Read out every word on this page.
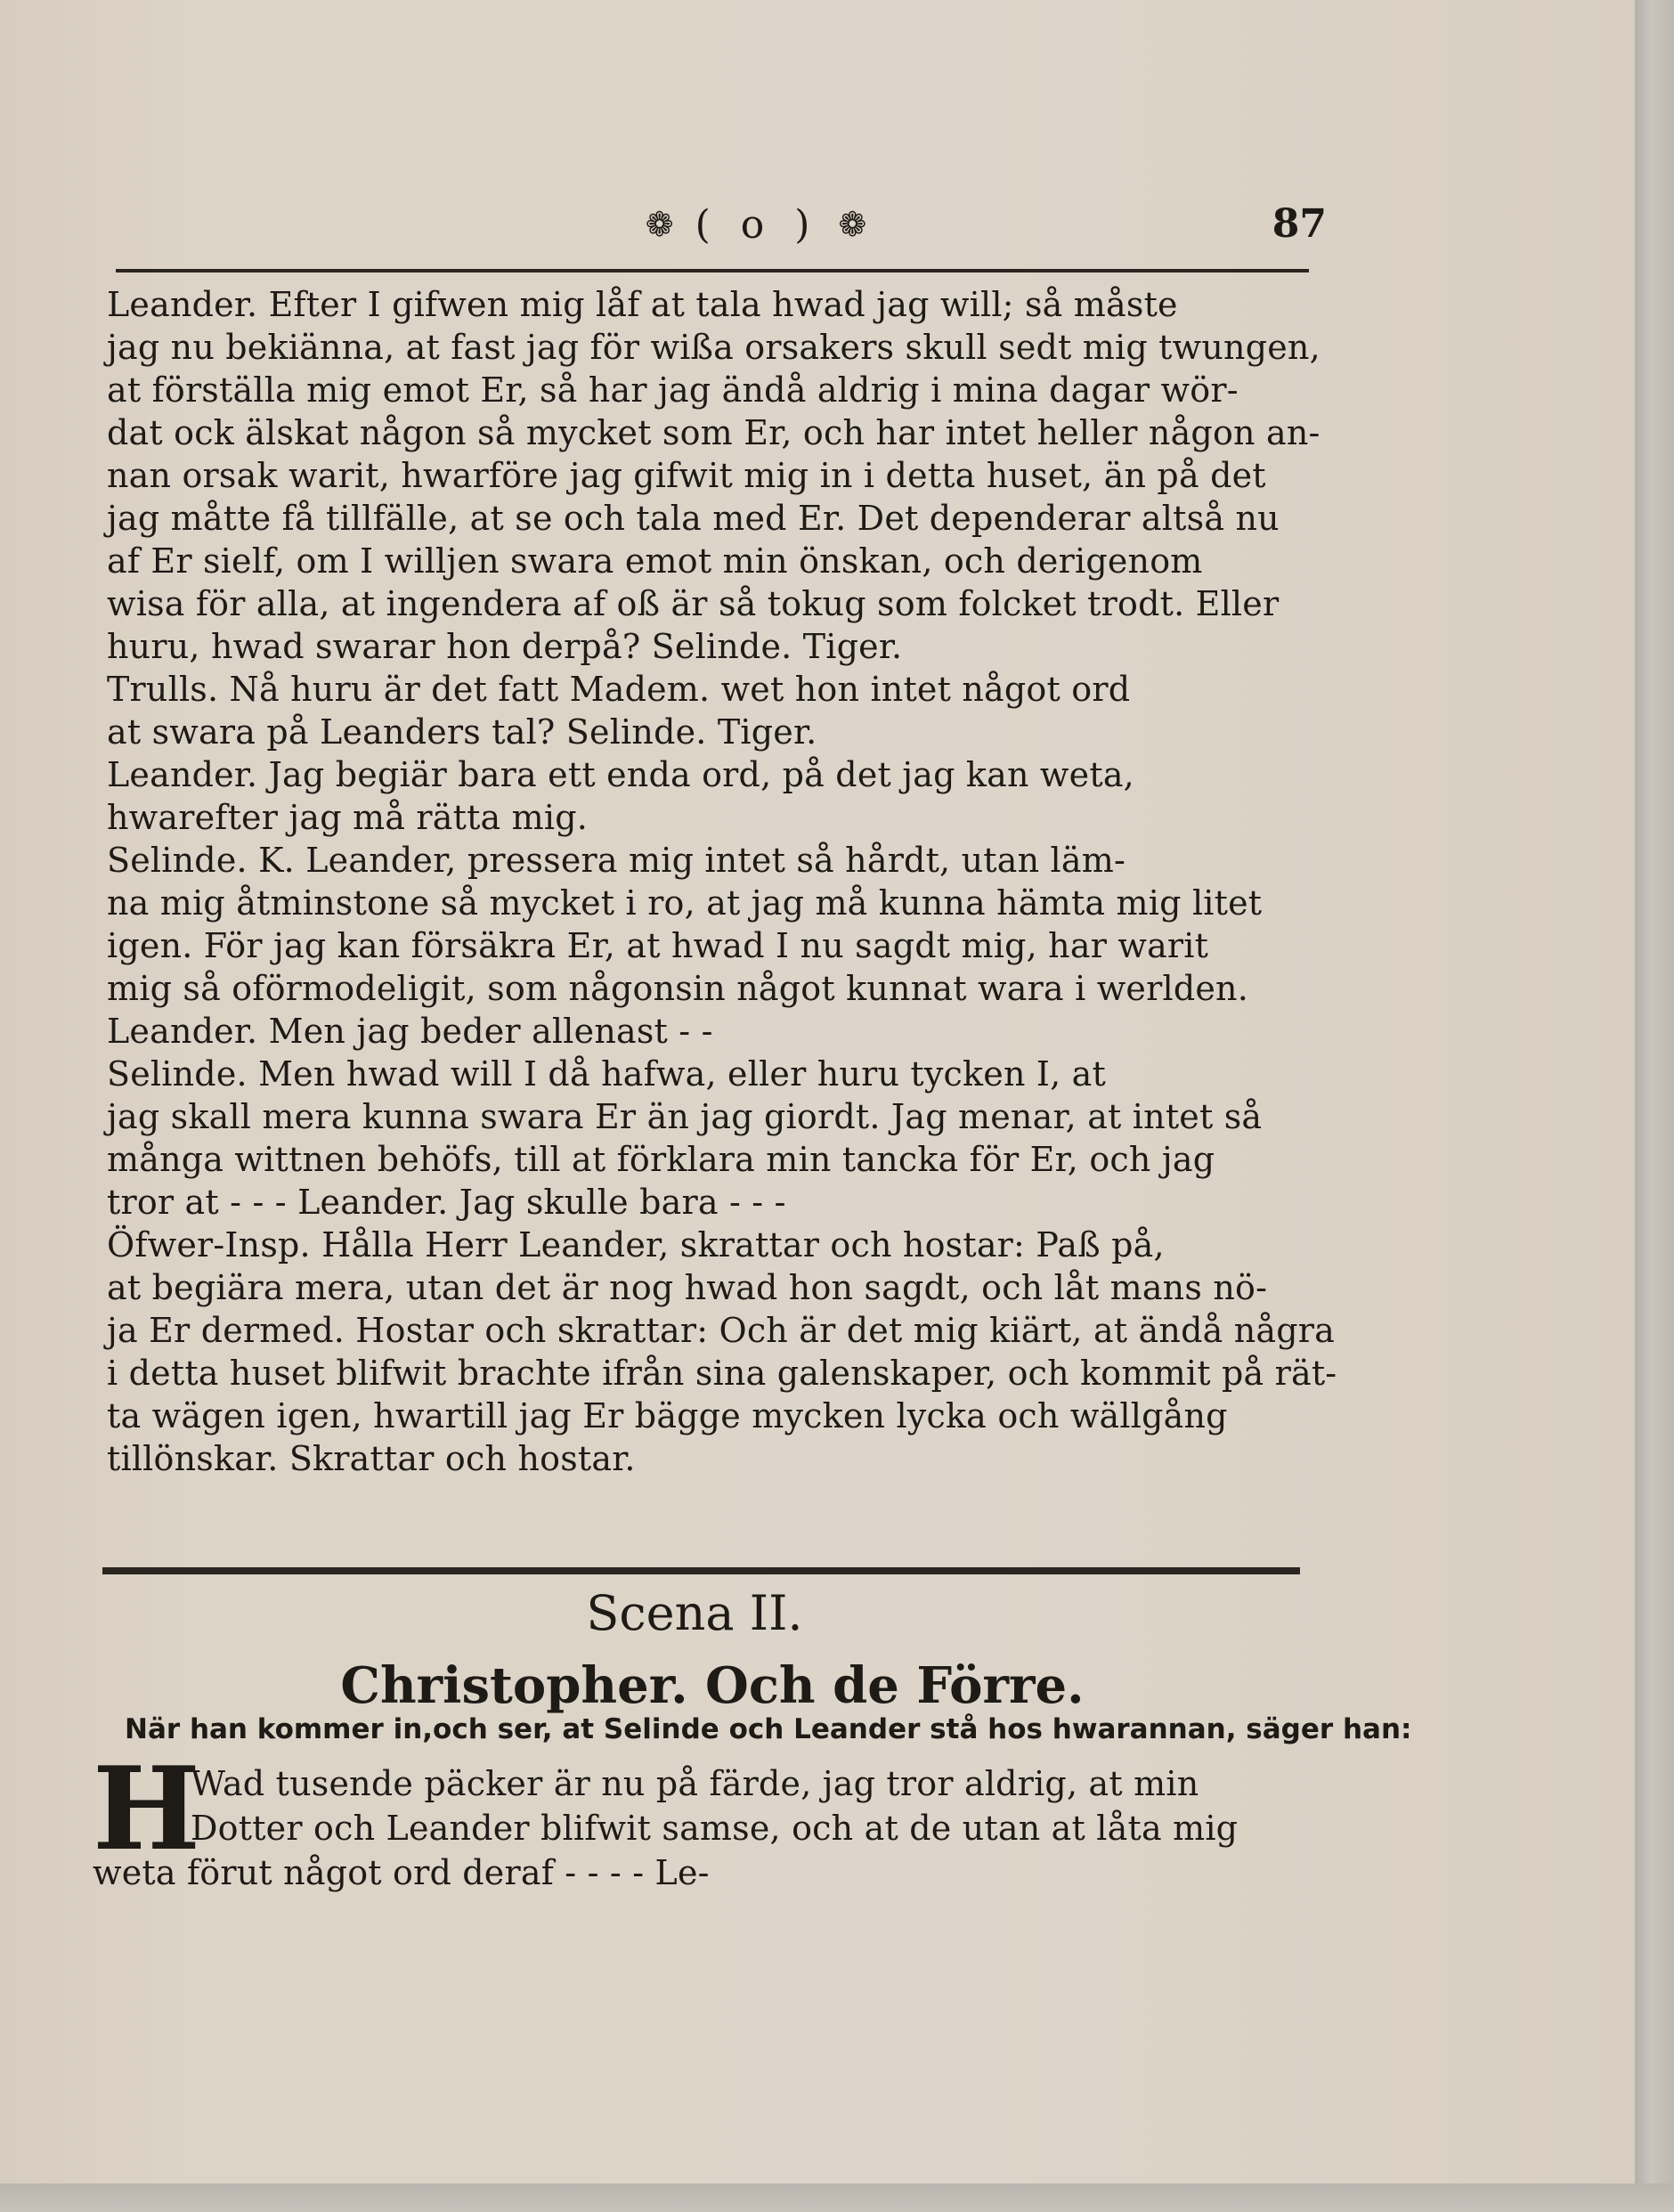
❁ ( o ) ❁	87
Leander. Efter I gifwen mig låf at tala hwad jag will; så måste
jag nu bekiänna, at fast jag för wißa orsakers skull sedt mig twungen,
at förställa mig emot Er, så har jag ändå aldrig i mina dagar wör-
dat ock älskat någon så mycket som Er, och har intet heller någon an-
nan orsak warit, hwarföre jag gifwit mig in i detta huset, än på det
jag måtte få tillfälle, at se och tala med Er. Det dependerar altså nu
af Er sielf, om I willjen swara emot min önskan, och derigenom
wisa för alla, at ingendera af oß är så tokug som folcket trodt. Eller
huru, hwad swarar hon derpå? Selinde. Tiger.
Trulls. Nå huru är det fatt Madem. wet hon intet något ord
at swara på Leanders tal? Selinde. Tiger.
Leander. Jag begiär bara ett enda ord, på det jag kan weta,
hwarefter jag må rätta mig.
Selinde. K. Leander, pressera mig intet så hårdt, utan läm-
na mig åtminstone så mycket i ro, at jag må kunna hämta mig litet
igen. För jag kan försäkra Er, at hwad I nu sagdt mig, har warit
mig så oförmodeligit, som någonsin något kunnat wara i werlden.
Leander. Men jag beder allenast - -
Selinde. Men hwad will I då hafwa, eller huru tycken I, at
jag skall mera kunna swara Er än jag giordt. Jag menar, at intet så
många wittnen behöfs, till at förklara min tancka för Er, och jag
tror at - - - Leander. Jag skulle bara - - -
Öfwer-Insp. Hålla Herr Leander, skrattar och hostar: Paß på,
at begiära mera, utan det är nog hwad hon sagdt, och låt mans nö-
ja Er dermed. Hostar och skrattar: Och är det mig kiärt, at ändå några
i detta huset blifwit brachte ifrån sina galenskaper, och kommit på rät-
ta wägen igen, hwartill jag Er bägge mycken lycka och wällgång
tillönskar. Skrattar och hostar.
Scena II.
Christopher. Och de Förre.
När han kommer in,och ser, at Selinde och Leander stå hos hwarannan, säger han:
H
Wad tusende päcker är nu på färde, jag tror aldrig, at min
Dotter och Leander blifwit samse, och at de utan at låta mig
weta förut något ord deraf - - - - Le-
